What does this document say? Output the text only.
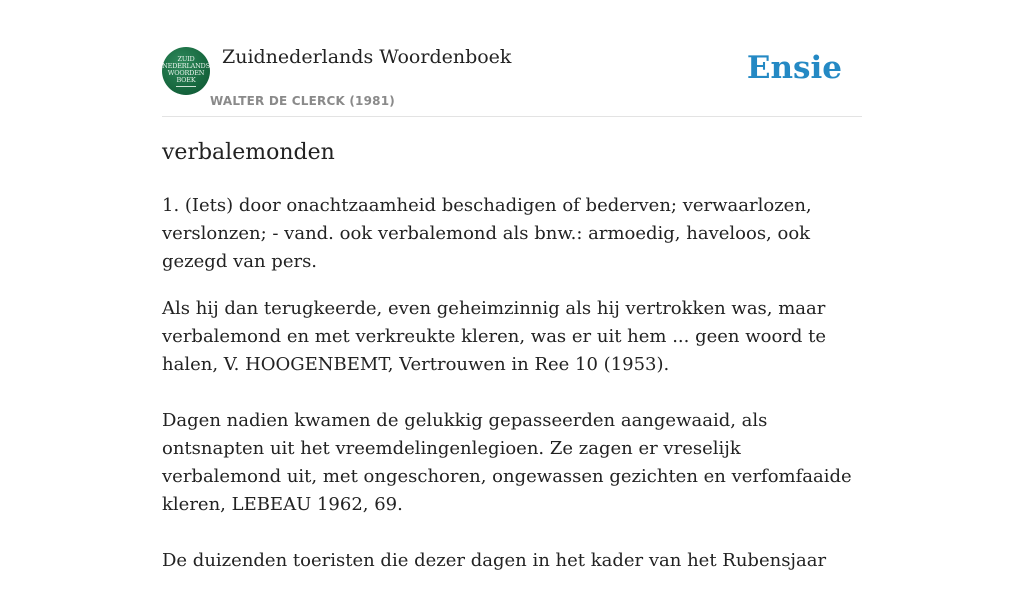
ZUID
NEDERLANDS
WOORDEN
BOEK
Zuidnederlands Woordenboek
WALTER DE CLERCK (1981)
Ensie
verbalemonden

1. (Iets) door onachtzaamheid beschadigen of bederven; verwaarlozen, verslonzen; - vand. ook verbalemond als bnw.: armoedig, haveloos, ook gezegd van pers.

Als hij dan terugkeerde, even geheimzinnig als hij vertrokken was, maar verbalemond en met verkreukte kleren, was er uit hem ... geen woord te halen, V. HOOGENBEMT, Vertrouwen in Ree 10 (1953).

Dagen nadien kwamen de gelukkig gepasseerden aangewaaid, als ontsnapten uit het vreemdelingenlegioen. Ze zagen er vreselijk verbalemond uit, met ongeschoren, ongewassen gezichten en verfomfaaide kleren, LEBEAU 1962, 69.

De duizenden toeristen die dezer dagen in het kader van het Rubensjaar
